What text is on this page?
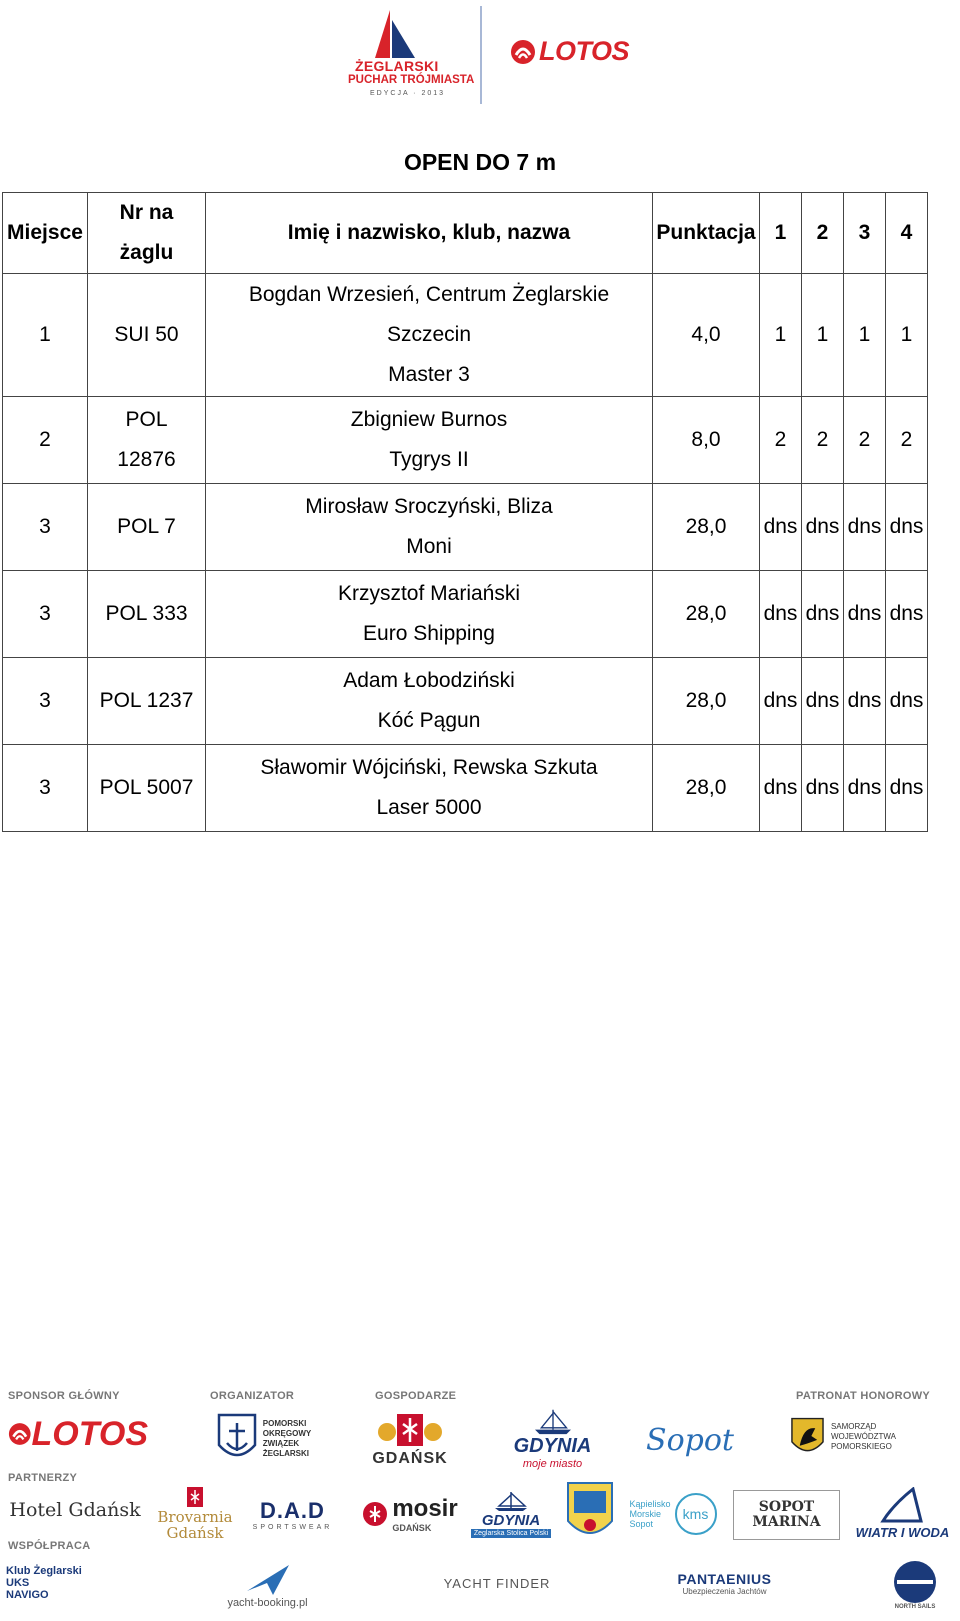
ŻEGLARSKI
PUCHAR TRÓJMIASTA
EDYCJA · 2013
LOTOS
OPEN DO 7 m
Miejsce	Nr na
żaglu	Imię i nazwisko, klub, nazwa	Punktacja	1	2	3	4
1	SUI 50	Bogdan Wrzesień, Centrum Żeglarskie
Szczecin
Master 3	4,0	1	1	1	1
2	POL
12876	Zbigniew Burnos
Tygrys II	8,0	2	2	2	2
3	POL 7	Mirosław Sroczyński, Bliza
Moni	28,0	dns	dns	dns	dns
3	POL 333	Krzysztof Mariański
Euro Shipping	28,0	dns	dns	dns	dns
3	POL 1237	Adam Łobodziński
Kóć Pągun	28,0	dns	dns	dns	dns
3	POL 5007	Sławomir Wójciński, Rewska Szkuta
Laser 5000	28,0	dns	dns	dns	dns
SPONSOR GŁÓWNY	ORGANIZATOR	GOSPODARZE	PATRONAT HONOROWY
LOTOS	POMORSKI
OKRĘGOWY
ZWIĄZEK
ŻEGLARSKI	GDAŃSK
GDYNIA
moje miasto
Sopot	SAMORZĄD
WOJEWÓDZTWA POMORSKIEGO
PARTNERZY
Hotel Gdańsk Brovarnia
Gdańsk
D.A.D
SPORTSWEAR
mosir
GDAŃSK	GDYNIA
Żeglarska Stolica Polski
Kąpielisko
Morskie
Sopot
kms	SOPOT
MARINA
WIATR I WODA
WSPÓŁPRACA
Klub Żeglarski
UKS
NAVIGO
yacht-booking.pl
YACHT FINDER	PANTAENIUS
Ubezpieczenia Jachtów
NORTH SAILS
